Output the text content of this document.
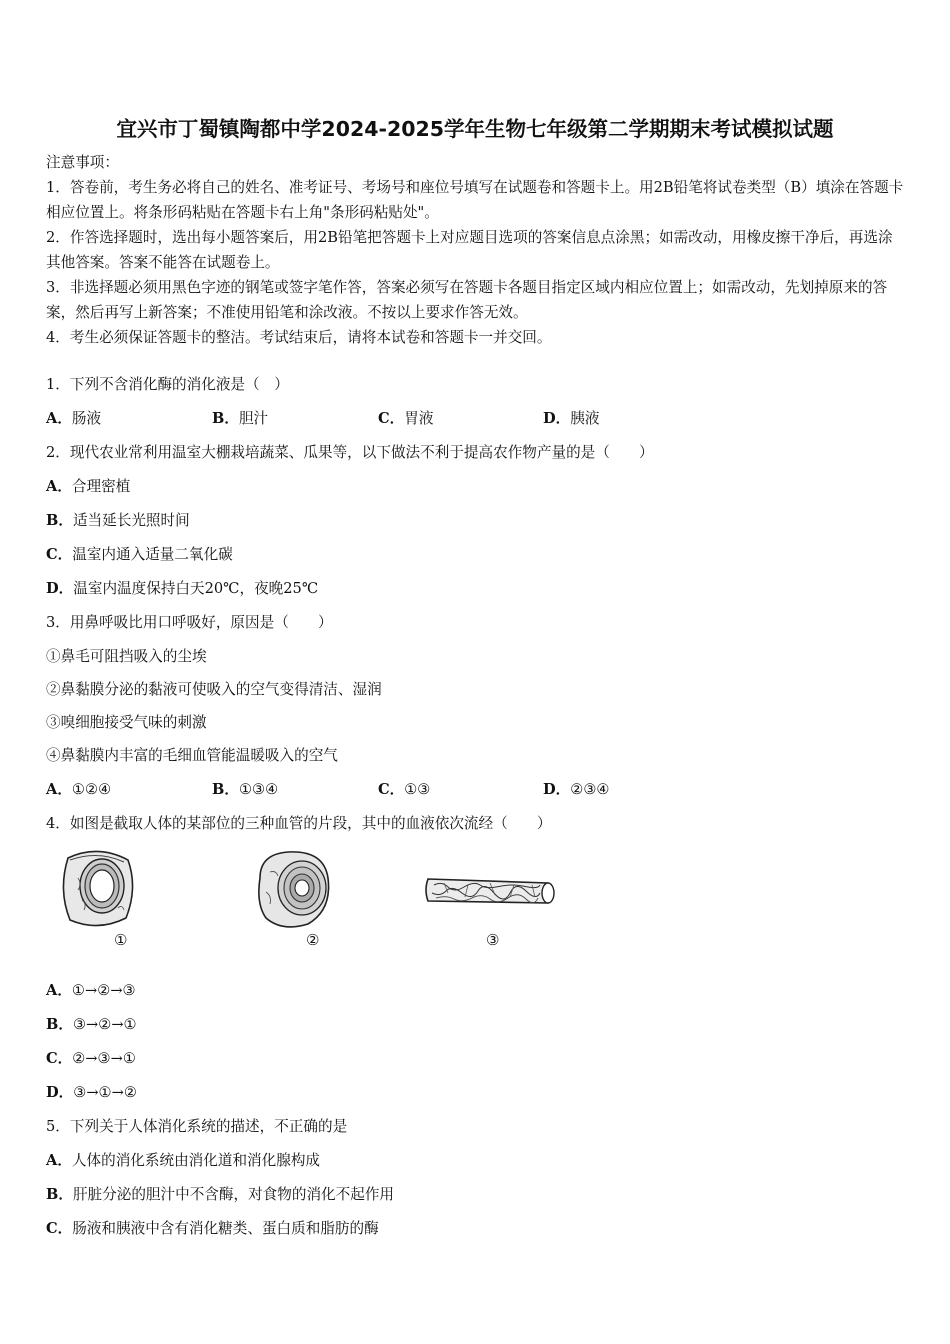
宜兴市丁蜀镇陶都中学2024-2025学年生物七年级第二学期期末考试模拟试题

注意事项：

1．答卷前，考生务必将自己的姓名、准考证号、考场号和座位号填写在试题卷和答题卡上。用2B铅笔将试卷类型（B）填涂在答题卡相应位置上。将条形码粘贴在答题卡右上角"条形码粘贴处"。

2．作答选择题时，选出每小题答案后，用2B铅笔把答题卡上对应题目选项的答案信息点涂黑；如需改动，用橡皮擦干净后，再选涂其他答案。答案不能答在试题卷上。

3．非选择题必须用黑色字迹的钢笔或签字笔作答，答案必须写在答题卡各题目指定区域内相应位置上；如需改动，先划掉原来的答案，然后再写上新答案；不准使用铅笔和涂改液。不按以上要求作答无效。

4．考生必须保证答题卡的整洁。考试结束后，请将本试卷和答题卡一并交回。

1．下列不含消化酶的消化液是（　）
A．肠液	B．胆汁	C．胃液	D．胰液
2．现代农业常利用温室大棚栽培蔬菜、瓜果等，以下做法不利于提高农作物产量的是（　　）
A．合理密植
B．适当延长光照时间
C．温室内通入适量二氧化碳
D．温室内温度保持白天20℃，夜晚25℃
3．用鼻呼吸比用口呼吸好，原因是（　　）
①鼻毛可阻挡吸入的尘埃
②鼻黏膜分泌的黏液可使吸入的空气变得清洁、湿润
③嗅细胞接受气味的刺激
④鼻黏膜内丰富的毛细血管能温暖吸入的空气
A．①②④	B．①③④	C．①③	D．②③④
4．如图是截取人体的某部位的三种血管的片段，其中的血液依次流经（　　）
①	②	③
A．①→②→③
B．③→②→①
C．②→③→①
D．③→①→②
5．下列关于人体消化系统的描述，不正确的是
A．人体的消化系统由消化道和消化腺构成
B．肝脏分泌的胆汁中不含酶，对食物的消化不起作用
C．肠液和胰液中含有消化糖类、蛋白质和脂肪的酶
